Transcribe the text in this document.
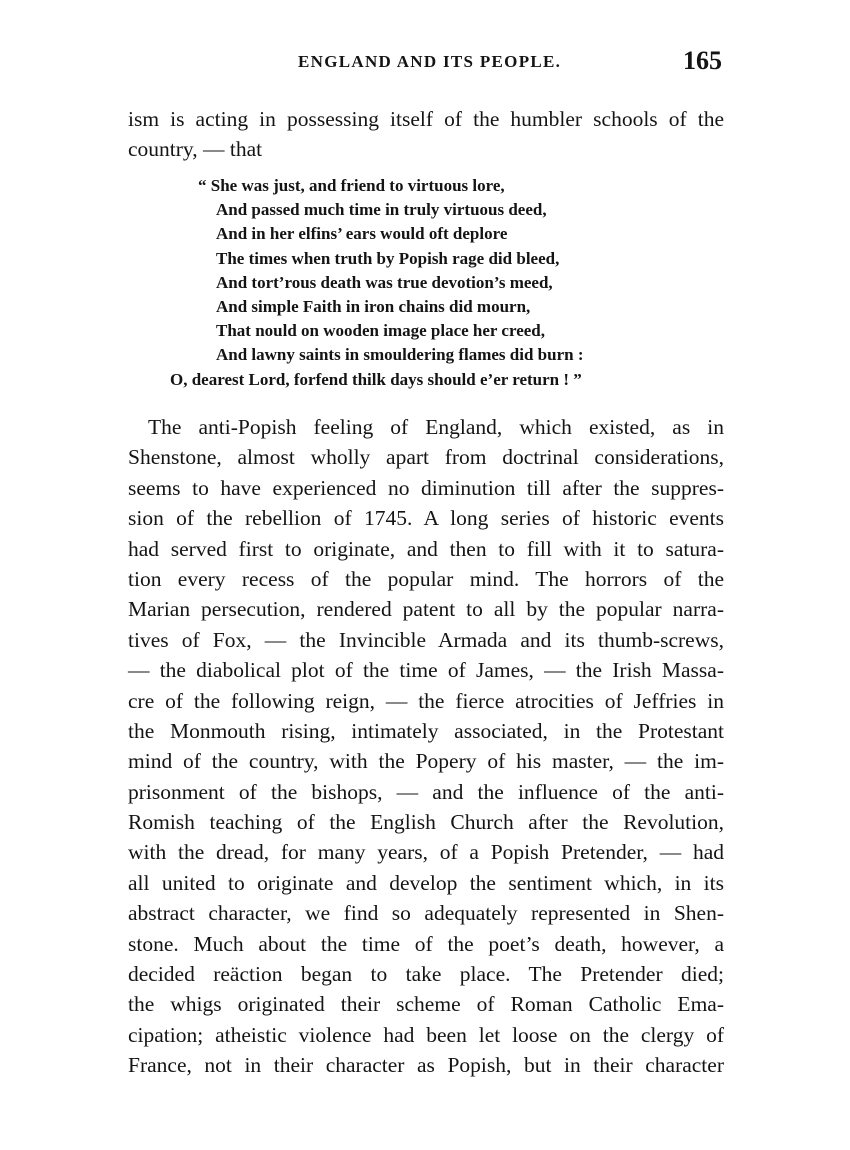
ENGLAND AND ITS PEOPLE.	165
ism is acting in possessing itself of the humbler schools of the
country, — that
“ She was just, and friend to virtuous lore,
And passed much time in truly virtuous deed,
And in her elfins’ ears would oft deplore
The times when truth by Popish rage did bleed,
And tort’rous death was true devotion’s meed,
And simple Faith in iron chains did mourn,
That nould on wooden image place her creed,
And lawny saints in smouldering flames did burn :
O, dearest Lord, forfend thilk days should e’er return ! ”
The anti-Popish feeling of England, which existed, as in
Shenstone, almost wholly apart from doctrinal considerations,
seems to have experienced no diminution till after the suppres-
sion of the rebellion of 1745. A long series of historic events
had served first to originate, and then to fill with it to satura-
tion every recess of the popular mind. The horrors of the
Marian persecution, rendered patent to all by the popular narra-
tives of Fox, — the Invincible Armada and its thumb-screws,
— the diabolical plot of the time of James, — the Irish Massa-
cre of the following reign, — the fierce atrocities of Jeffries in
the Monmouth rising, intimately associated, in the Protestant
mind of the country, with the Popery of his master, — the im-
prisonment of the bishops, — and the influence of the anti-
Romish teaching of the English Church after the Revolution,
with the dread, for many years, of a Popish Pretender, — had
all united to originate and develop the sentiment which, in its
abstract character, we find so adequately represented in Shen-
stone. Much about the time of the poet’s death, however, a
decided reäction began to take place. The Pretender died;
the whigs originated their scheme of Roman Catholic Ema-
cipation; atheistic violence had been let loose on the clergy of
France, not in their character as Popish, but in their character
